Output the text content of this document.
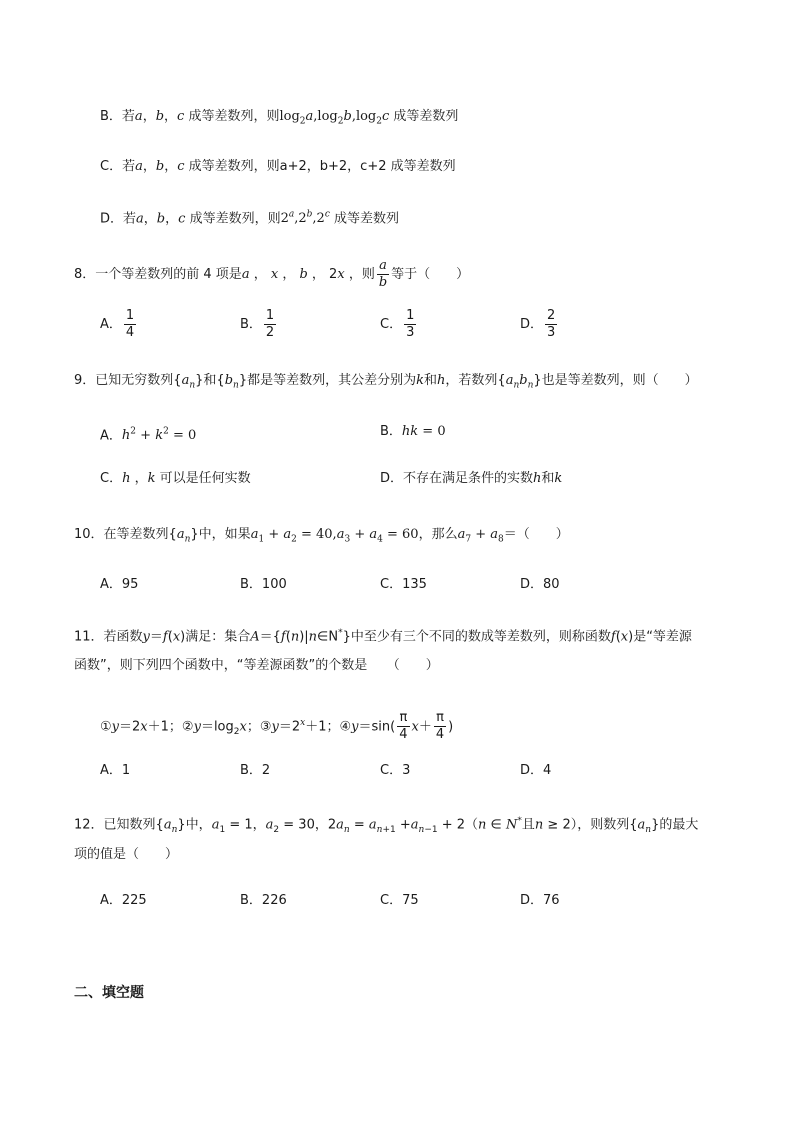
B．若a，b，c 成等差数列，则$\log_2a,\log_2b,\log_2c$ 成等差数列
C．若a，b，c 成等差数列，则a+2，b+2，c+2 成等差数列
D．若a，b，c 成等差数列，则2$^a$,2$^b$,2$^c$ 成等差数列
8．一个等差数列的前 4 项是a ， x ， b ， 2x ，则 $\frac{a}{b}$ 等于（　　）
A． $\frac{1}{4}$	B． $\frac{1}{2}$	C． $\frac{1}{3}$	D． $\frac{2}{3}$
9．已知无穷数列$\{a_n\}$和$\{b_n\}$都是等差数列，其公差分别为k和h，若数列$\{a_nb_n\}$也是等差数列，则（　　）
A．$h^2 + k^2 = 0$	B．hk = 0
C．h ，k 可以是任何实数	D．不存在满足条件的实数h和k
10．在等差数列$\{a_n\}$中，如果$a_1 + a_2 = 40,a_3 + a_4 = 60$，那么$a_7 + a_8=$（　　）
A．95	B．100	C．135	D．80
11．若函数y＝f(x)满足：集合A＝{f(n)|n∈N*}中至少有三个不同的数成等差数列，则称函数f(x)是“等差源
函数”，则下列四个函数中，“等差源函数”的个数是　　（　　）
①y＝2x＋1；$②y=\log_2x$；$③y=2^x+1$；④y＝sin( $\frac{\pi}{4} x+ \frac{\pi}{4}$ )
A．1	B．2	C．3	D．4
12．已知数列$\{a_n\}$中，$a_1 = 1$，$a_2 = 30$，$2a_n = a_{n+1} +a_{n-1} + 2(n$ ∈ N*且n ≥ 2），则数列$\{a_n\}$的最大
项的值是（　　）
A．225	B．226	C．75	D．76
二、填空题
